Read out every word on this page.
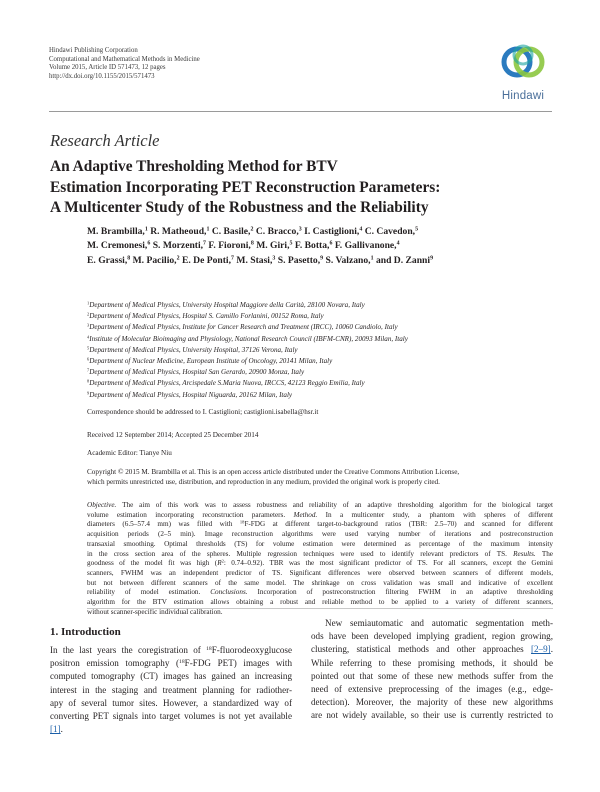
Hindawi Publishing Corporation
Computational and Mathematical Methods in Medicine
Volume 2015, Article ID 571473, 12 pages
http://dx.doi.org/10.1155/2015/571473
Hindawi
Research Article
An Adaptive Thresholding Method for BTV
Estimation Incorporating PET Reconstruction Parameters:
A Multicenter Study of the Robustness and the Reliability
M. Brambilla,$^1$ R. Matheoud,$^1$ C. Basile,$^2$ C. Bracco,$^3$ I. Castiglioni,$^4$ C. Cavedon,$^5$
M. Cremonesi,$^6$ S. Morzenti,$^7$ F. Fioroni,$^8$ M. Giri,$^5$ F. Botta,$^6$ F. Gallivanone,$^4$
E. Grassi,$^8$ M. Pacilio,$^2$ E. De Ponti,$^7$ M. Stasi,$^3$ S. Pasetto,$^9$ S. Valzano,$^1$ and D. Zanni$^9$
$^1$Department of Medical Physics, University Hospital Maggiore della Carità, 28100 Novara, Italy
$^2$Department of Medical Physics, Hospital S. Camillo Forlanini, 00152 Roma, Italy
$^3$Department of Medical Physics, Institute for Cancer Research and Treatment (IRCC), 10060 Candiolo, Italy
$^4$Institute of Molecular Bioimaging and Physiology, National Research Council (IBFM-CNR), 20093 Milan, Italy
$^5$Department of Medical Physics, University Hospital, 37126 Verona, Italy
$^6$Department of Nuclear Medicine, European Institute of Oncology, 20141 Milan, Italy
$^7$Department of Medical Physics, Hospital San Gerardo, 20900 Monza, Italy
$^8$Department of Medical Physics, Arcispedale S.Maria Nuova, IRCCS, 42123 Reggio Emilia, Italy
$^9$Department of Medical Physics, Hospital Niguarda, 20162 Milan, Italy
Correspondence should be addressed to I. Castiglioni; castiglioni.isabella@hsr.it
Received 12 September 2014; Accepted 25 December 2014
Academic Editor: Tianye Niu
Copyright © 2015 M. Brambilla et al. This is an open access article distributed under the Creative Commons Attribution License,
which permits unrestricted use, distribution, and reproduction in any medium, provided the original work is properly cited.
Objective. The aim of this work was to assess robustness and reliability of an adaptive thresholding algorithm for the biological target
volume estimation incorporating reconstruction parameters. Method. In a multicenter study, a phantom with spheres of different
diameters (6.5–57.4 mm) was filled with $^{18}$F-FDG at different target-to-background ratios (TBR: 2.5–70) and scanned for different
acquisition periods (2–5 min). Image reconstruction algorithms were used varying number of iterations and postreconstruction
transaxial smoothing. Optimal thresholds (TS) for volume estimation were determined as percentage of the maximum intensity
in the cross section area of the spheres. Multiple regression techniques were used to identify relevant predictors of TS. Results. The
goodness of the model fit was high ($R^2$: 0.74–0.92). TBR was the most significant predictor of TS. For all scanners, except the Gemini
scanners, FWHM was an independent predictor of TS. Significant differences were observed between scanners of different models,
but not between different scanners of the same model. The shrinkage on cross validation was small and indicative of excellent
reliability of model estimation. Conclusions. Incorporation of postreconstruction filtering FWHM in an adaptive thresholding
algorithm for the BTV estimation allows obtaining a robust and reliable method to be applied to a variety of different scanners,
without scanner-specific individual calibration.
1. Introduction
In the last years the coregistration of $^{18}$F-fluorodeoxyglucose
positron emission tomography ($^{18}$F-FDG PET) images with
computed tomography (CT) images has gained an increasing
interest in the staging and treatment planning for radiother-
apy of several tumor sites. However, a standardized way of
converting PET signals into target volumes is not yet available
[1].
New semiautomatic and automatic segmentation meth-
ods have been developed implying gradient, region growing,
clustering, statistical methods and other approaches [2–9].
While referring to these promising methods, it should be
pointed out that some of these new methods suffer from the
need of extensive preprocessing of the images (e.g., edge-
detection). Moreover, the majority of these new algorithms
are not widely available, so their use is currently restricted to
